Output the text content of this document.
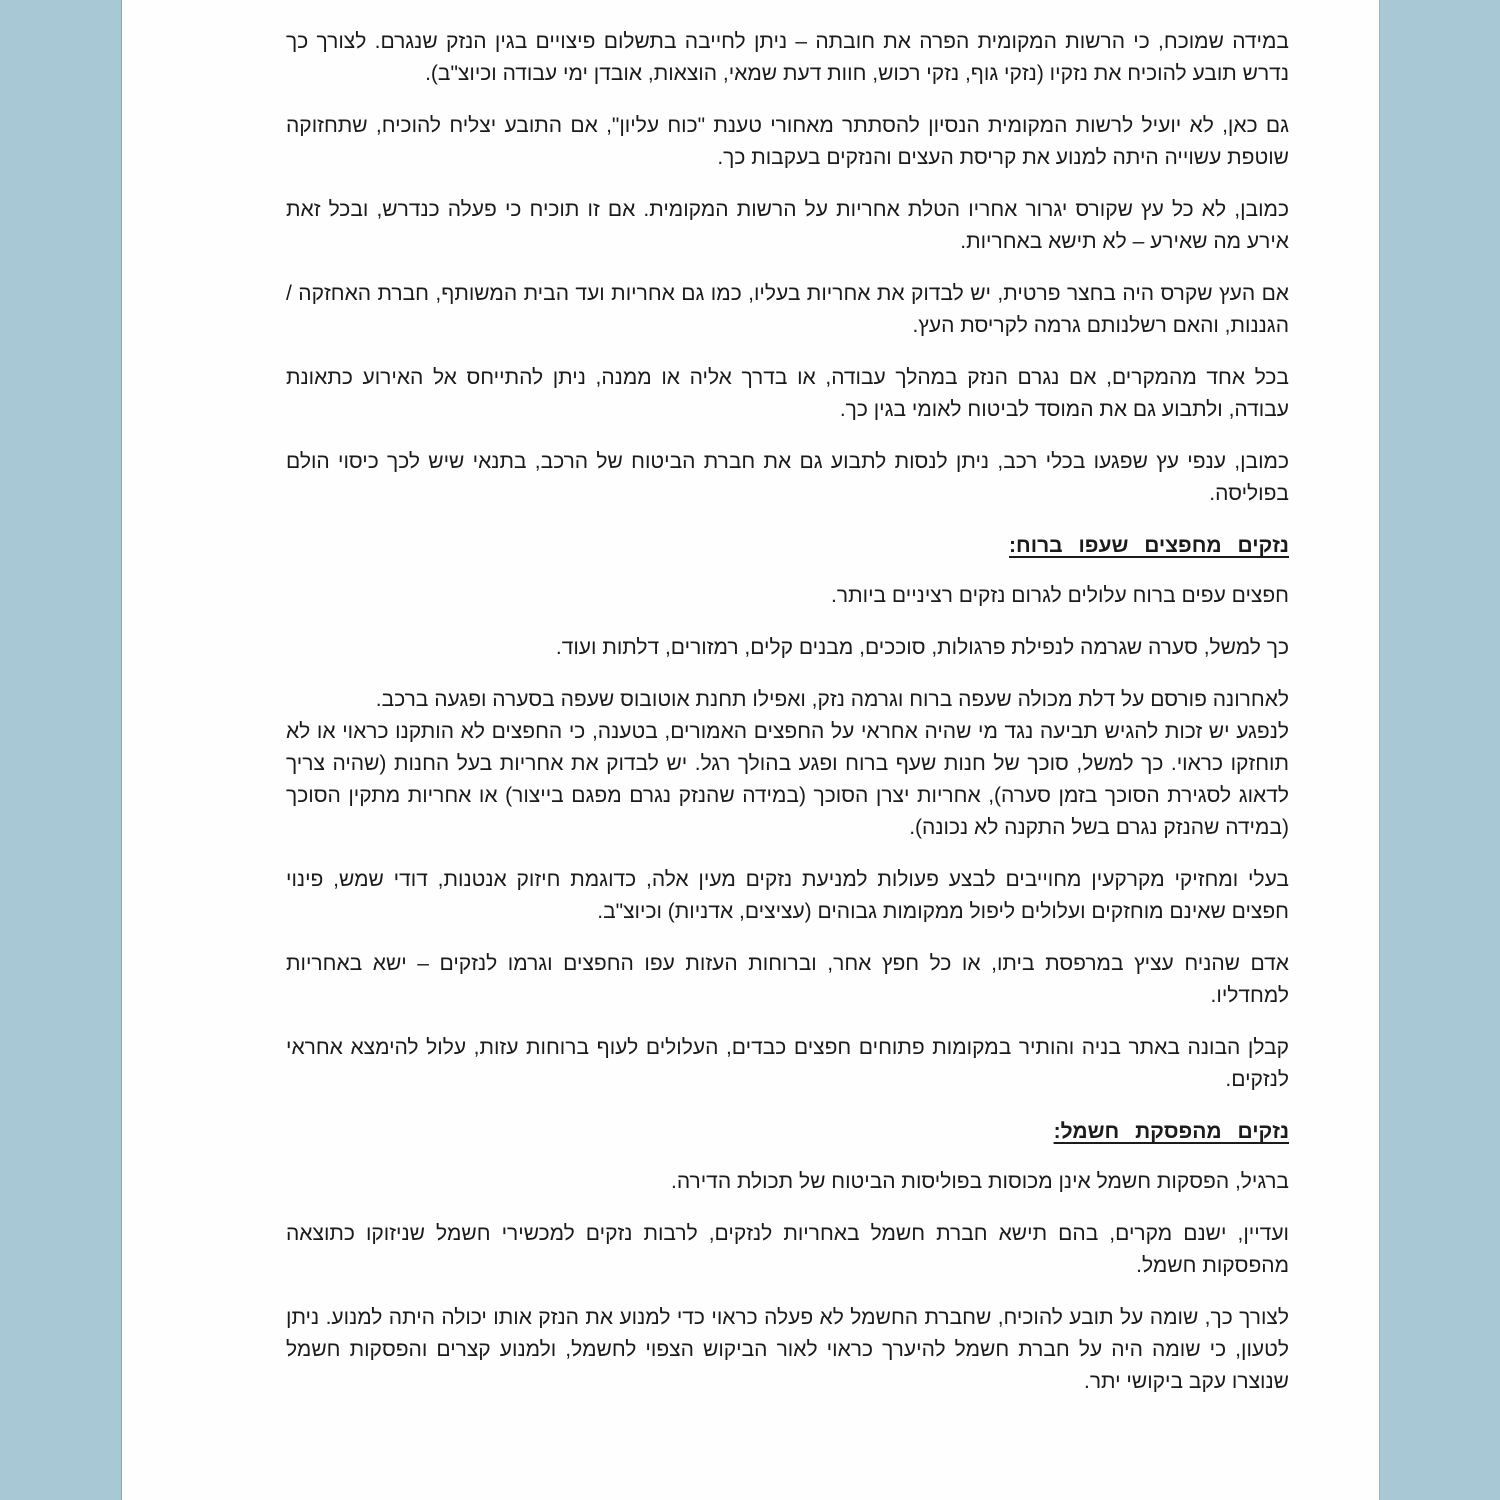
במידה שמוכח, כי הרשות המקומית הפרה את חובתה – ניתן לחייבה בתשלום פיצויים בגין הנזק שנגרם. לצורך כך נדרש תובע להוכיח את נזקיו (נזקי גוף, נזקי רכוש, חוות דעת שמאי, הוצאות, אובדן ימי עבודה וכיוצ"ב).

גם כאן, לא יועיל לרשות המקומית הנסיון להסתתר מאחורי טענת "כוח עליון", אם התובע יצליח להוכיח, שתחזוקה שוטפת עשוייה היתה למנוע את קריסת העצים והנזקים בעקבות כך.

כמובן, לא כל עץ שקורס יגרור אחריו הטלת אחריות על הרשות המקומית. אם זו תוכיח כי פעלה כנדרש, ובכל זאת אירע מה שאירע – לא תישא באחריות.

אם העץ שקרס היה בחצר פרטית, יש לבדוק את אחריות בעליו, כמו גם אחריות ועד הבית המשותף, חברת האחזקה / הגננות, והאם רשלנותם גרמה לקריסת העץ.

בכל אחד מהמקרים, אם נגרם הנזק במהלך עבודה, או בדרך אליה או ממנה, ניתן להתייחס אל האירוע כתאונת עבודה, ולתבוע גם את המוסד לביטוח לאומי בגין כך.

כמובן, ענפי עץ שפגעו בכלי רכב, ניתן לנסות לתבוע גם את חברת הביטוח של הרכב, בתנאי שיש לכך כיסוי הולם בפוליסה.

נזקים מחפצים שעפו ברוח:

חפצים עפים ברוח עלולים לגרום נזקים רציניים ביותר.

כך למשל, סערה שגרמה לנפילת פרגולות, סוככים, מבנים קלים, רמזורים, דלתות ועוד.

לאחרונה פורסם על דלת מכולה שעפה ברוח וגרמה נזק, ואפילו תחנת אוטובוס שעפה בסערה ופגעה ברכב.

לנפגע יש זכות להגיש תביעה נגד מי שהיה אחראי על החפצים האמורים, בטענה, כי החפצים לא הותקנו כראוי או לא תוחזקו כראוי. כך למשל, סוכך של חנות שעף ברוח ופגע בהולך רגל. יש לבדוק את אחריות בעל החנות (שהיה צריך לדאוג לסגירת הסוכך בזמן סערה), אחריות יצרן הסוכך (במידה שהנזק נגרם מפגם בייצור) או אחריות מתקין הסוכך (במידה שהנזק נגרם בשל התקנה לא נכונה).

בעלי ומחזיקי מקרקעין מחוייבים לבצע פעולות למניעת נזקים מעין אלה, כדוגמת חיזוק אנטנות, דודי שמש, פינוי חפצים שאינם מוחזקים ועלולים ליפול ממקומות גבוהים (עציצים, אדניות) וכיוצ"ב.

אדם שהניח עציץ במרפסת ביתו, או כל חפץ אחר, וברוחות העזות עפו החפצים וגרמו לנזקים – ישא באחריות למחדליו.

קבלן הבונה באתר בניה והותיר במקומות פתוחים חפצים כבדים, העלולים לעוף ברוחות עזות, עלול להימצא אחראי לנזקים.

נזקים מהפסקת חשמל:

ברגיל, הפסקות חשמל אינן מכוסות בפוליסות הביטוח של תכולת הדירה.

ועדיין, ישנם מקרים, בהם תישא חברת חשמל באחריות לנזקים, לרבות נזקים למכשירי חשמל שניזוקו כתוצאה מהפסקות חשמל.

לצורך כך, שומה על תובע להוכיח, שחברת החשמל לא פעלה כראוי כדי למנוע את הנזק אותו יכולה היתה למנוע. ניתן לטעון, כי שומה היה על חברת חשמל להיערך כראוי לאור הביקוש הצפוי לחשמל, ולמנוע קצרים והפסקות חשמל שנוצרו עקב ביקושי יתר.
